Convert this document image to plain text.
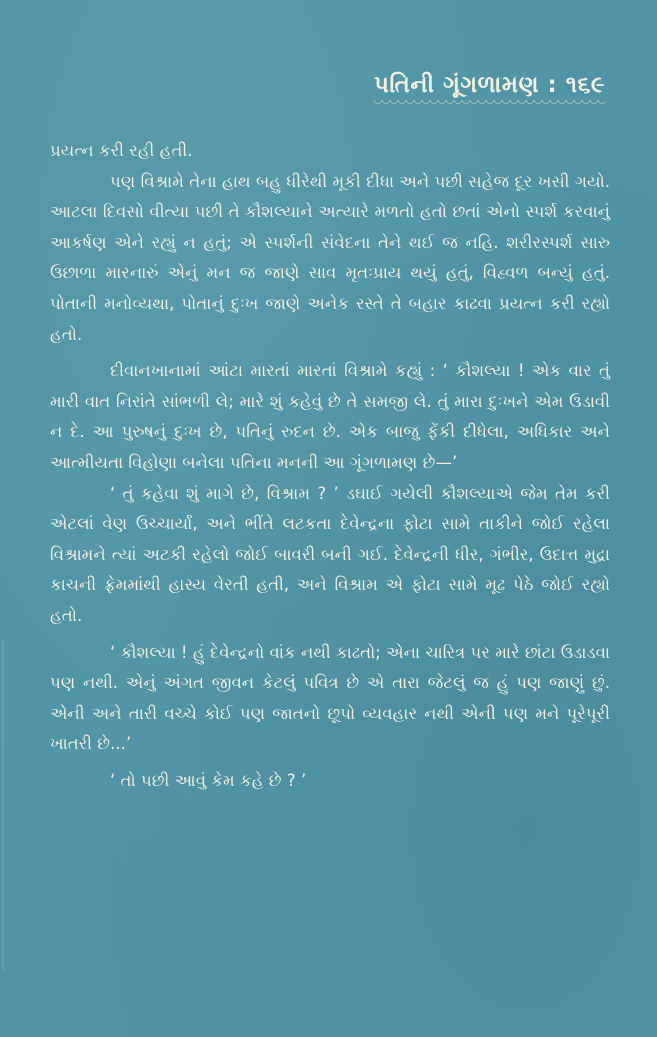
પતિની ગૂંગળામણ : ૧૬૯

પ્રયત્ન કરી રહી હતી.

પણ વિશ્રામે તેના હાથ બહુ ધીરેથી મૂકી દીધા અને પછી સહેજ દૂર ખસી ગયો. આટલા દિવસો વીત્યા પછી તે કૌશલ્યાને અત્યારે મળતો હતો છતાં એનો સ્પર્શ કરવાનું આકર્ષણ એને રહ્યું ન હતું; એ સ્પર્શની સંવેદના તેને થઈ જ નહિ. શરીરસ્પર્શ સારુ ઉછાળા મારનારું એનું મન જ જાણે સાવ મૃતઃપ્રાય થયું હતું, વિહ્વળ બન્યું હતું. પોતાની મનોવ્યથા, પોતાનું દુઃખ જાણે અનેક રસ્તે તે બહાર કાઢવા પ્રયત્ન કરી રહ્યો હતો.

દીવાનખાનામાં આંટા મારતાં મારતાં વિશ્રામે કહ્યું : ‘ કૌશલ્યા ! એક વાર તું મારી વાત નિરાંતે સાંભળી લે; મારે શું કહેવું છે તે સમજી લે. તું મારા દુઃખને એમ ઉડાવી ન દે. આ પુરુષનું દુઃખ છે, પતિનું રુદન છે. એક બાજુ ફેંકી દીધેલા, અધિકાર અને આત્મીયતા વિહોણા બનેલા પતિના મનની આ ગૂંગળામણ છે—’

‘ તું કહેવા શું માગે છે, વિશ્રામ ? ’ ડઘાઈ ગયેલી કૌશલ્યાએ જેમ તેમ કરી એટલાં વેણ ઉચ્ચાર્યાં, અને ભીંતે લટકતા દેવેન્દ્રના ફોટા સામે તાકીને જોઈ રહેલા વિશ્રામને ત્યાં અટકી રહેલો જોઈ બાવરી બની ગઈ. દેવેન્દ્રની ધીર, ગંભીર, ઉદાત્ત મુદ્રા કાચની ફ્રેમમાંથી હાસ્ય વેરતી હતી, અને વિશ્રામ એ ફોટા સામે મૂઢ પેઠે જોઈ રહ્યો હતો.

‘ કૌશલ્યા ! હું દેવેન્દ્રનો વાંક નથી કાઢતો; એના ચારિત્ર પર મારે છાંટા ઉડાડવા પણ નથી. એનું અંગત જીવન કેટલું પવિત્ર છે એ તારા જેટલું જ હું પણ જાણું છું. એની અને તારી વચ્ચે કોઈ પણ જાતનો છૂપો વ્યવહાર નથી એની પણ મને પૂરેપૂરી ખાતરી છે...’

‘ તો પછી આવું કેમ કહે છે ? ’
